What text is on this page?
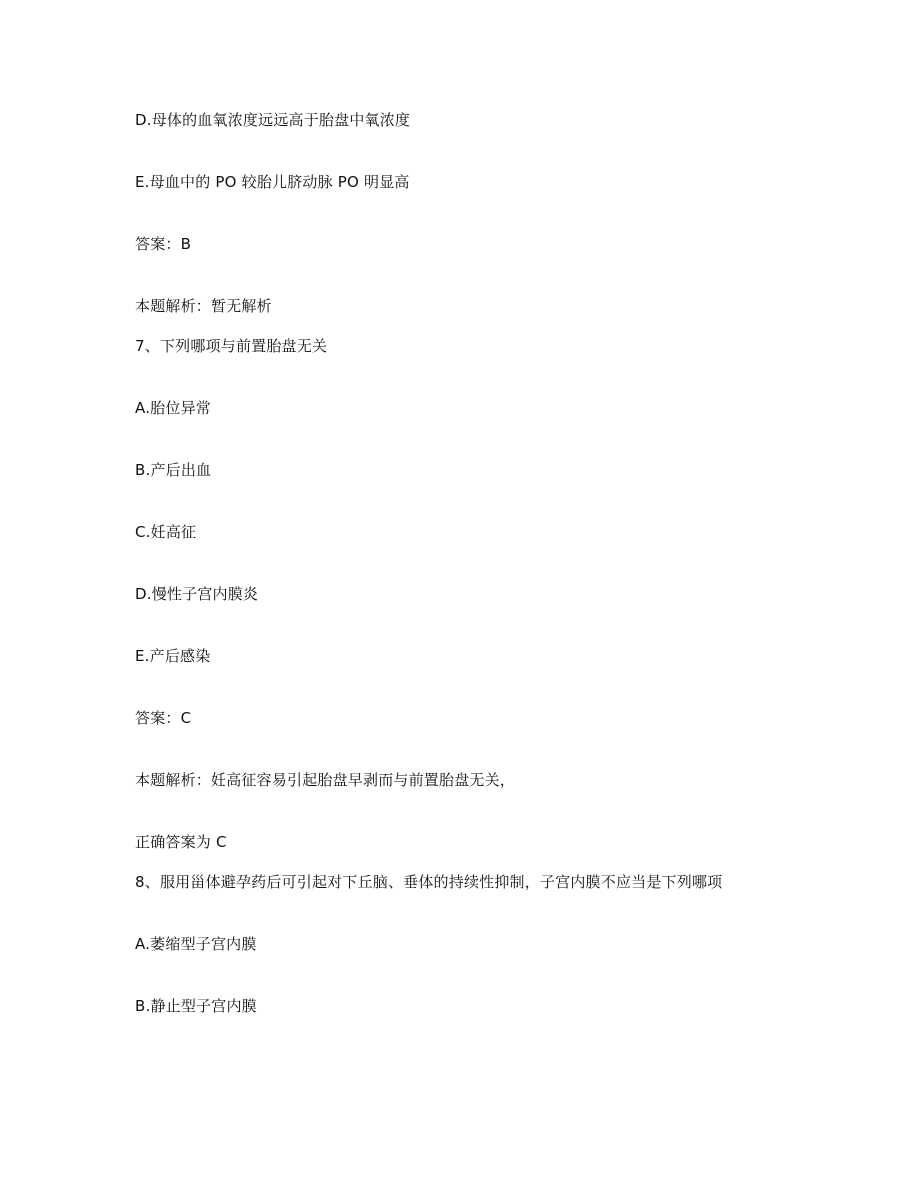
D.母体的血氧浓度远远高于胎盘中氧浓度
E.母血中的 PO 较胎儿脐动脉 PO 明显高
答案：B
本题解析：暂无解析
7、下列哪项与前置胎盘无关
A.胎位异常
B.产后出血
C.妊高征
D.慢性子宫内膜炎
E.产后感染
答案：C
本题解析：妊高征容易引起胎盘早剥而与前置胎盘无关，
正确答案为 C
8、服用甾体避孕药后可引起对下丘脑、垂体的持续性抑制，子宫内膜不应当是下列哪项
A.萎缩型子宫内膜
B.静止型子宫内膜
